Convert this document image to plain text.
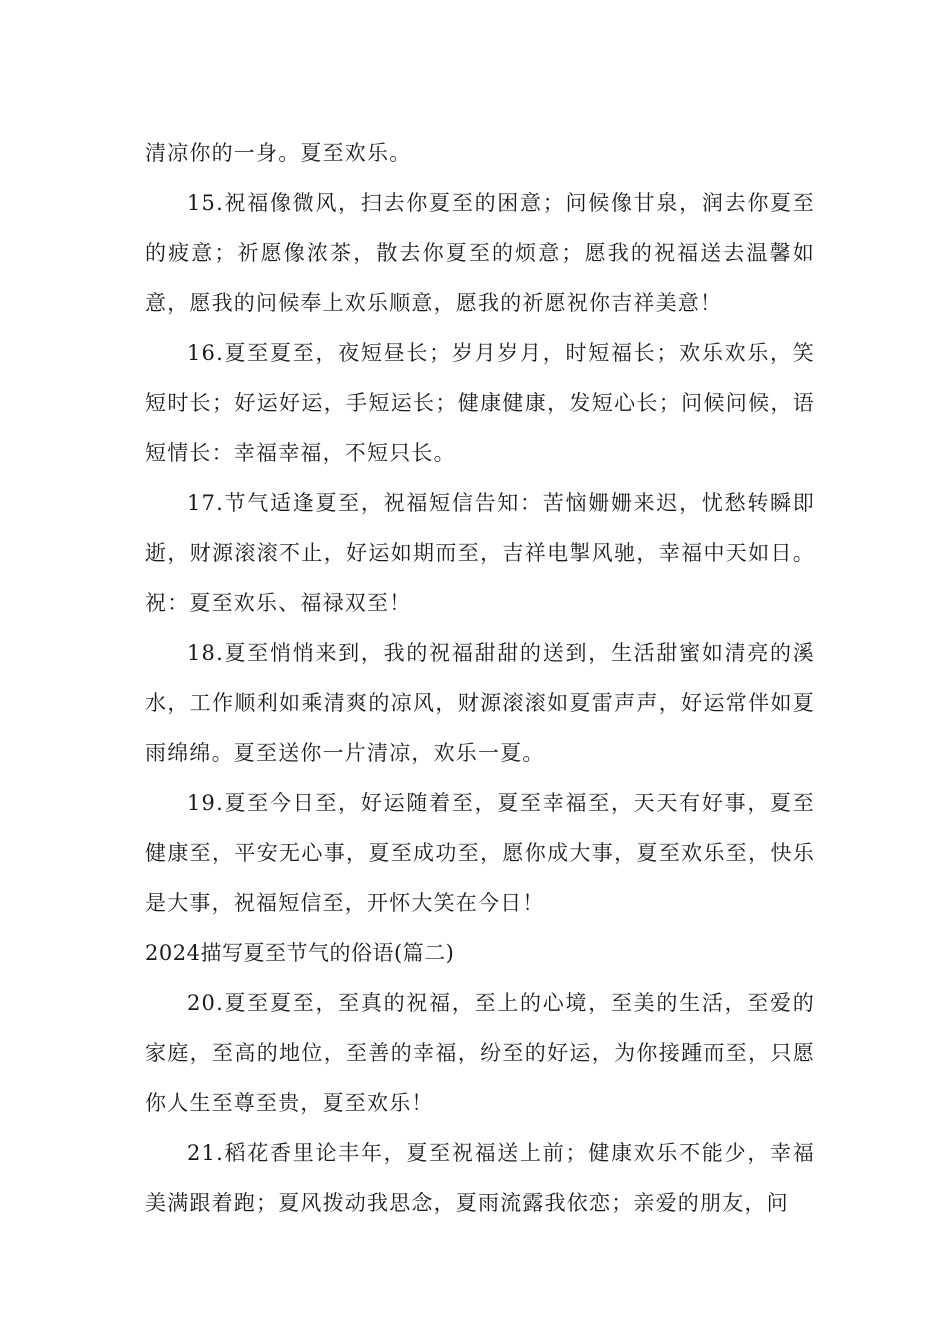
清凉你的一身。夏至欢乐。

15.祝福像微风，扫去你夏至的困意；问候像甘泉，润去你夏至的疲意；祈愿像浓茶，散去你夏至的烦意；愿我的祝福送去温馨如意，愿我的问候奉上欢乐顺意，愿我的祈愿祝你吉祥美意！

16.夏至夏至，夜短昼长；岁月岁月，时短福长；欢乐欢乐，笑短时长；好运好运，手短运长；健康健康，发短心长；问候问候，语短情长：幸福幸福，不短只长。

17.节气适逢夏至，祝福短信告知：苦恼姗姗来迟，忧愁转瞬即逝，财源滚滚不止，好运如期而至，吉祥电掣风驰，幸福中天如日。祝：夏至欢乐、福禄双至！

18.夏至悄悄来到，我的祝福甜甜的送到，生活甜蜜如清亮的溪水，工作顺利如乘清爽的凉风，财源滚滚如夏雷声声，好运常伴如夏雨绵绵。夏至送你一片清凉，欢乐一夏。

19.夏至今日至，好运随着至，夏至幸福至，天天有好事，夏至健康至，平安无心事，夏至成功至，愿你成大事，夏至欢乐至，快乐是大事，祝福短信至，开怀大笑在今日！

2024描写夏至节气的俗语(篇二)

20.夏至夏至，至真的祝福，至上的心境，至美的生活，至爱的家庭，至高的地位，至善的幸福，纷至的好运，为你接踵而至，只愿你人生至尊至贵，夏至欢乐！

21.稻花香里论丰年，夏至祝福送上前；健康欢乐不能少，幸福美满跟着跑；夏风拨动我思念，夏雨流露我依恋；亲爱的朋友，问
